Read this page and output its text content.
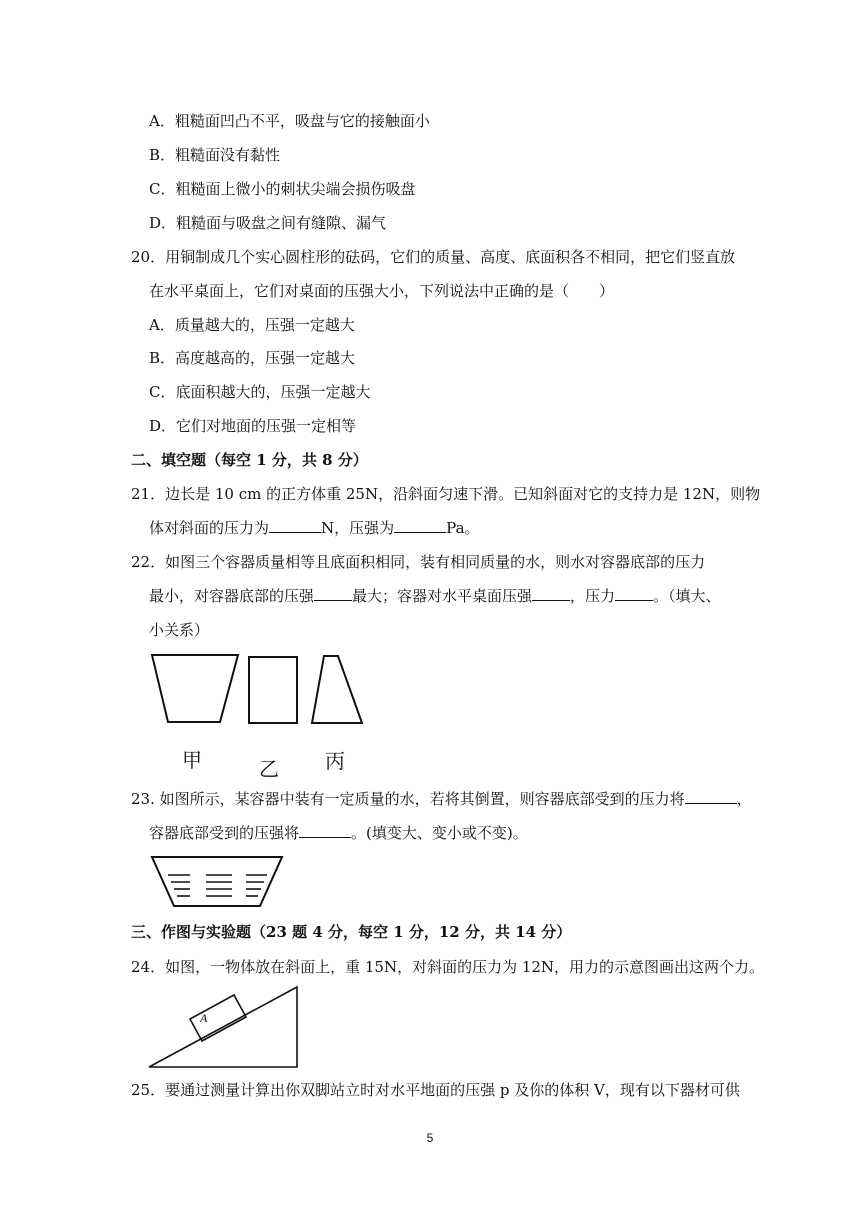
A．粗糙面凹凸不平，吸盘与它的接触面小
B．粗糙面没有黏性
C．粗糙面上微小的刺状尖端会损伤吸盘
D．粗糙面与吸盘之间有缝隙、漏气
20．用铜制成几个实心圆柱形的砝码，它们的质量、高度、底面积各不相同，把它们竖直放
在水平桌面上，它们对桌面的压强大小，下列说法中正确的是（　　）
A．质量越大的，压强一定越大
B．高度越高的，压强一定越大
C．底面积越大的，压强一定越大
D．它们对地面的压强一定相等
二、填空题（每空 1 分，共 8 分）
21．边长是 10 cm 的正方体重 25N，沿斜面匀速下滑。已知斜面对它的支持力是 12N，则物
体对斜面的压力为	N，压强为	Pa。
22．如图三个容器质量相等且底面积相同，装有相同质量的水，则水对容器底部的压力
最小，对容器底部的压强	最大；容器对水平桌面压强	，压力	。（填大、
小关系）
甲	乙 丙
23. 如图所示，某容器中装有一定质量的水，若将其倒置，则容器底部受到的压力将	，
容器底部受到的压强将	。(填变大、变小或不变)。
三、作图与实验题（23 题 4 分，每空 1 分，12 分，共 14 分）
24．如图，一物体放在斜面上，重 15N，对斜面的压力为 12N，用力的示意图画出这两个力。
A
25．要通过测量计算出你双脚站立时对水平地面的压强 p 及你的体积 V，现有以下器材可供
5
